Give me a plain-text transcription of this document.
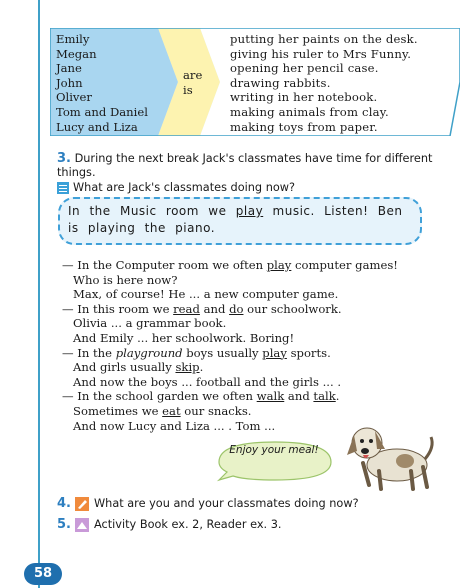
Emily
Megan
Jane
John
Oliver
Tom and Daniel
Lucy and Liza
are
is
putting her paints on the desk.
giving his ruler to Mrs Funny.
opening her pencil case.
drawing rabbits.
writing in her notebook.
making animals from clay.
making toys from paper.
3. During the next break Jack's classmates have time for different things.
What are Jack's classmates doing now?
In the Music room we play music. Listen! Ben is playing the piano.
— In the Computer room we often play computer games!
Who is here now?
Max, of course! He ... a new computer game.
— In this room we read and do our schoolwork.
Olivia ... a grammar book.
And Emily ... her schoolwork. Boring!
— In the playground boys usually play sports.
And girls usually skip.
And now the boys ... football and the girls ... .
— In the school garden we often walk and talk.
Sometimes we eat our snacks.
And now Lucy and Liza ... . Tom ...
Enjoy your meal!
4. What are you and your classmates doing now?
5. Activity Book ex. 2, Reader ex. 3.
58
